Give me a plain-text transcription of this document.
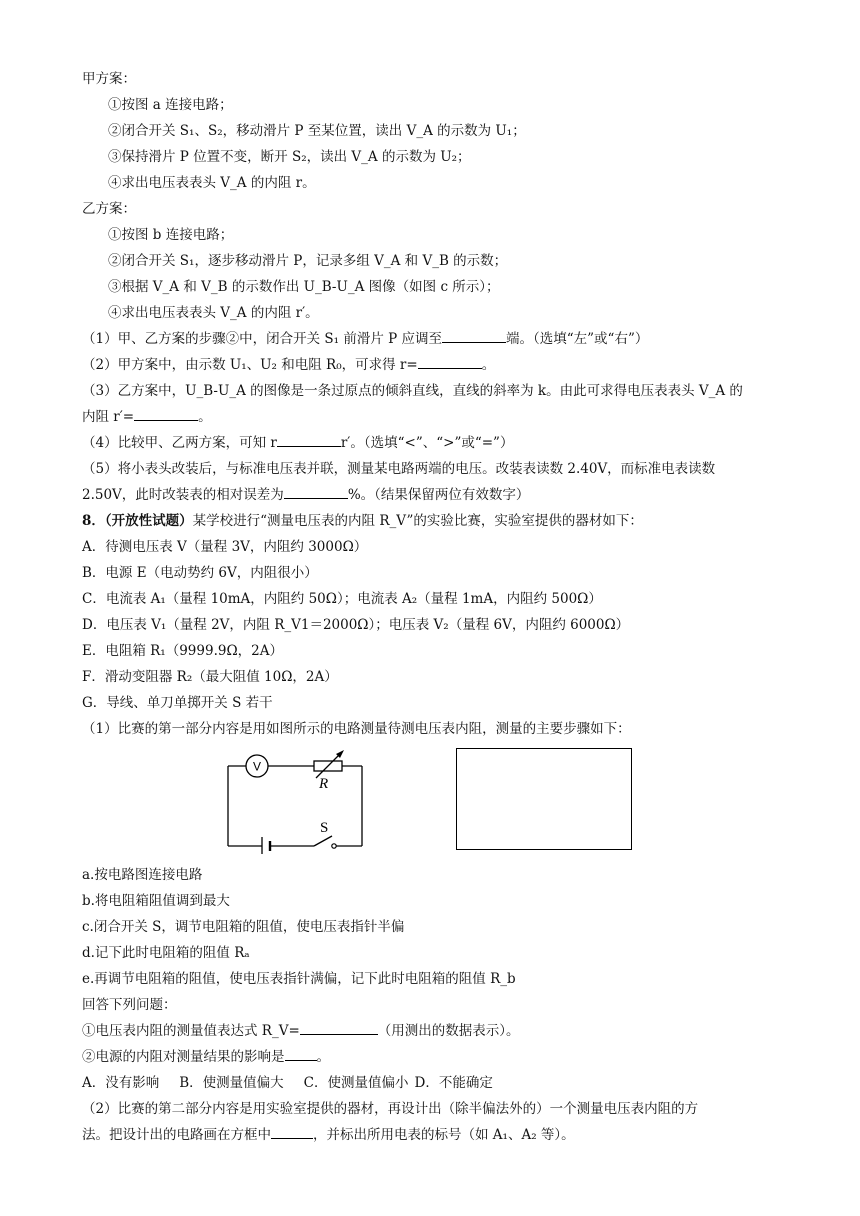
甲方案：
①按图 a 连接电路；
②闭合开关 S₁、S₂，移动滑片 P 至某位置，读出 V_A 的示数为 U₁；
③保持滑片 P 位置不变，断开 S₂，读出 V_A 的示数为 U₂；
④求出电压表表头 V_A 的内阻 r。
乙方案：
①按图 b 连接电路；
②闭合开关 S₁，逐步移动滑片 P，记录多组 V_A 和 V_B 的示数；
③根据 V_A 和 V_B 的示数作出 U_B-U_A 图像（如图 c 所示）；
④求出电压表表头 V_A 的内阻 r′。
（1）甲、乙方案的步骤②中，闭合开关 S₁ 前滑片 P 应调至	端。（选填“左”或“右”）
（2）甲方案中，由示数 U₁、U₂ 和电阻 R₀，可求得 r=	。
（3）乙方案中，U_B-U_A 的图像是一条过原点的倾斜直线，直线的斜率为 k。由此可求得电压表表头 V_A 的
内阻 r′=	。
（4）比较甲、乙两方案，可知 r	r′。（选填“<”、“>”或“=”）
（5）将小表头改装后，与标准电压表并联，测量某电路两端的电压。改装表读数 2.40V，而标准电表读数
2.50V，此时改装表的相对误差为	%。（结果保留两位有效数字）
8．（开放性试题）某学校进行“测量电压表的内阻 R_V”的实验比赛，实验室提供的器材如下：
A．待测电压表 V（量程 3V，内阻约 3000Ω）
B．电源 E（电动势约 6V，内阻很小）
C．电流表 A₁（量程 10mA，内阻约 50Ω）；电流表 A₂（量程 1mA，内阻约 500Ω）
D．电压表 V₁（量程 2V，内阻 R_V1＝2000Ω）；电压表 V₂（量程 6V，内阻约 6000Ω）
E．电阻箱 R₁（9999.9Ω，2A）
F．滑动变阻器 R₂（最大阻值 10Ω，2A）
G．导线、单刀单掷开关 S 若干
（1）比赛的第一部分内容是用如图所示的电路测量待测电压表内阻，测量的主要步骤如下：
V
R
S
a.按电路图连接电路
b.将电阻箱阻值调到最大
c.闭合开关 S，调节电阻箱的阻值，使电压表指针半偏
d.记下此时电阻箱的阻值 Rₐ
e.再调节电阻箱的阻值，使电压表指针满偏，记下此时电阻箱的阻值 R_b
回答下列问题：
①电压表内阻的测量值表达式 R_V=	（用测出的数据表示）。
②电源的内阻对测量结果的影响是 。
A．没有影响 B．使测量值偏大 C．使测量值偏小 D．不能确定
（2）比赛的第二部分内容是用实验室提供的器材，再设计出（除半偏法外的）一个测量电压表内阻的方
法。把设计出的电路画在方框中	，并标出所用电表的标号（如 A₁、A₂ 等）。
